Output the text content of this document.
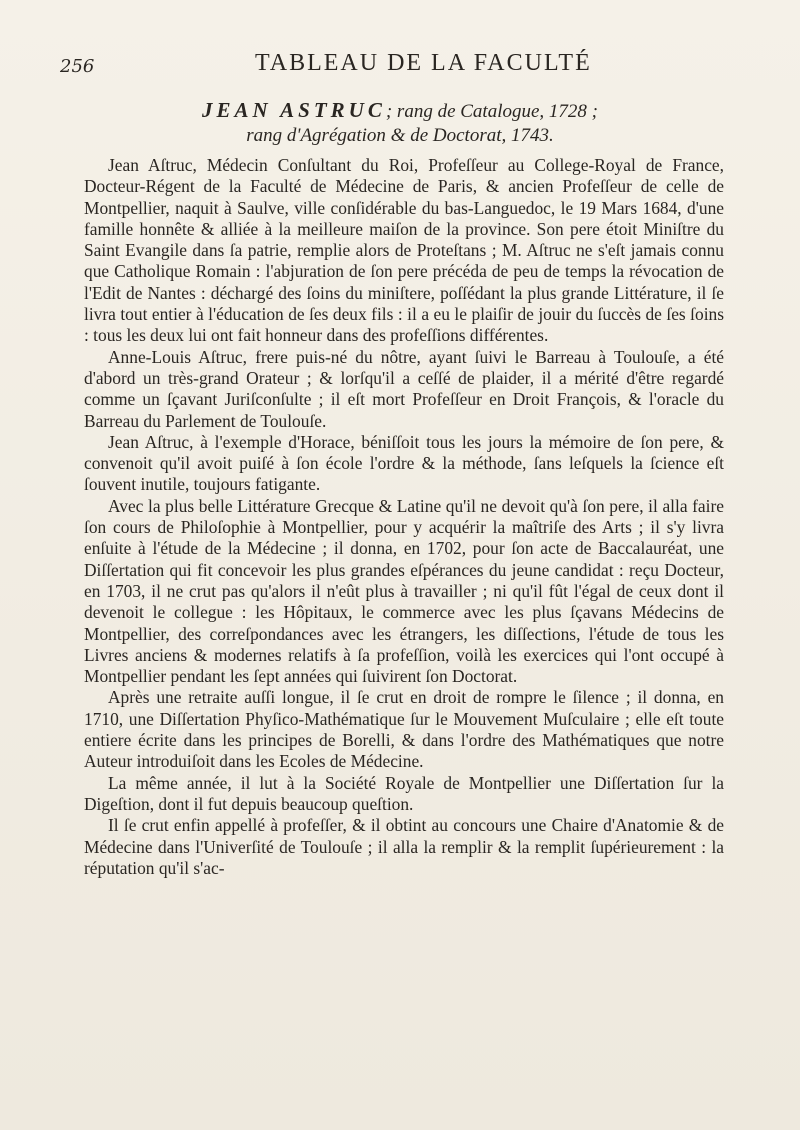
256	TABLEAU DE LA FACULTÉ
JEAN ASTRUC; rang de Catalogue, 1728 ;
rang d'Agrégation & de Doctorat, 1743.

Jean Aſtruc, Médecin Conſultant du Roi, Profeſſeur au College-Royal de France, Docteur-Régent de la Faculté de Médecine de Paris, & ancien Profeſſeur de celle de Montpellier, naquit à Saulve, ville conſidérable du bas-Languedoc, le 19 Mars 1684, d'une famille honnête & alliée à la meilleure maiſon de la province. Son pere étoit Miniſtre du Saint Evangile dans ſa patrie, remplie alors de Proteſtans ; M. Aſtruc ne s'eſt jamais connu que Catholique Romain : l'abjuration de ſon pere précéda de peu de temps la révocation de l'Edit de Nantes : déchargé des ſoins du miniſtere, poſſédant la plus grande Littérature, il ſe livra tout entier à l'éducation de ſes deux fils : il a eu le plaiſir de jouir du ſuccès de ſes ſoins : tous les deux lui ont fait honneur dans des profeſſions différentes.

Anne-Louis Aſtruc, frere puis-né du nôtre, ayant ſuivi le Barreau à Toulouſe, a été d'abord un très-grand Orateur ; & lorſqu'il a ceſſé de plaider, il a mérité d'être regardé comme un ſçavant Juriſconſulte ; il eſt mort Profeſſeur en Droit François, & l'oracle du Barreau du Parlement de Toulouſe.

Jean Aſtruc, à l'exemple d'Horace, béniſſoit tous les jours la mémoire de ſon pere, & convenoit qu'il avoit puiſé à ſon école l'ordre & la méthode, ſans leſquels la ſcience eſt ſouvent inutile, toujours fatigante.

Avec la plus belle Littérature Grecque & Latine qu'il ne devoit qu'à ſon pere, il alla faire ſon cours de Philoſophie à Montpellier, pour y acquérir la maîtriſe des Arts ; il s'y livra enſuite à l'étude de la Médecine ; il donna, en 1702, pour ſon acte de Baccalauréat, une Diſſertation qui fit concevoir les plus grandes eſpérances du jeune candidat : reçu Docteur, en 1703, il ne crut pas qu'alors il n'eût plus à travailler ; ni qu'il fût l'égal de ceux dont il devenoit le collegue : les Hôpitaux, le commerce avec les plus ſçavans Médecins de Montpellier, des correſpondances avec les étrangers, les diſſections, l'étude de tous les Livres anciens & modernes relatifs à ſa profeſſion, voilà les exercices qui l'ont occupé à Montpellier pendant les ſept années qui ſuivirent ſon Doctorat.

Après une retraite auſſi longue, il ſe crut en droit de rompre le ſilence ; il donna, en 1710, une Diſſertation Phyſico-Mathématique ſur le Mouvement Muſculaire ; elle eſt toute entiere écrite dans les principes de Borelli, & dans l'ordre des Mathématiques que notre Auteur introduiſoit dans les Ecoles de Médecine.

La même année, il lut à la Société Royale de Montpellier une Diſſertation ſur la Digeſtion, dont il fut depuis beaucoup queſtion.

Il ſe crut enfin appellé à profeſſer, & il obtint au concours une Chaire d'Anatomie & de Médecine dans l'Univerſité de Toulouſe ; il alla la remplir & la remplit ſupérieurement : la réputation qu'il s'ac-
